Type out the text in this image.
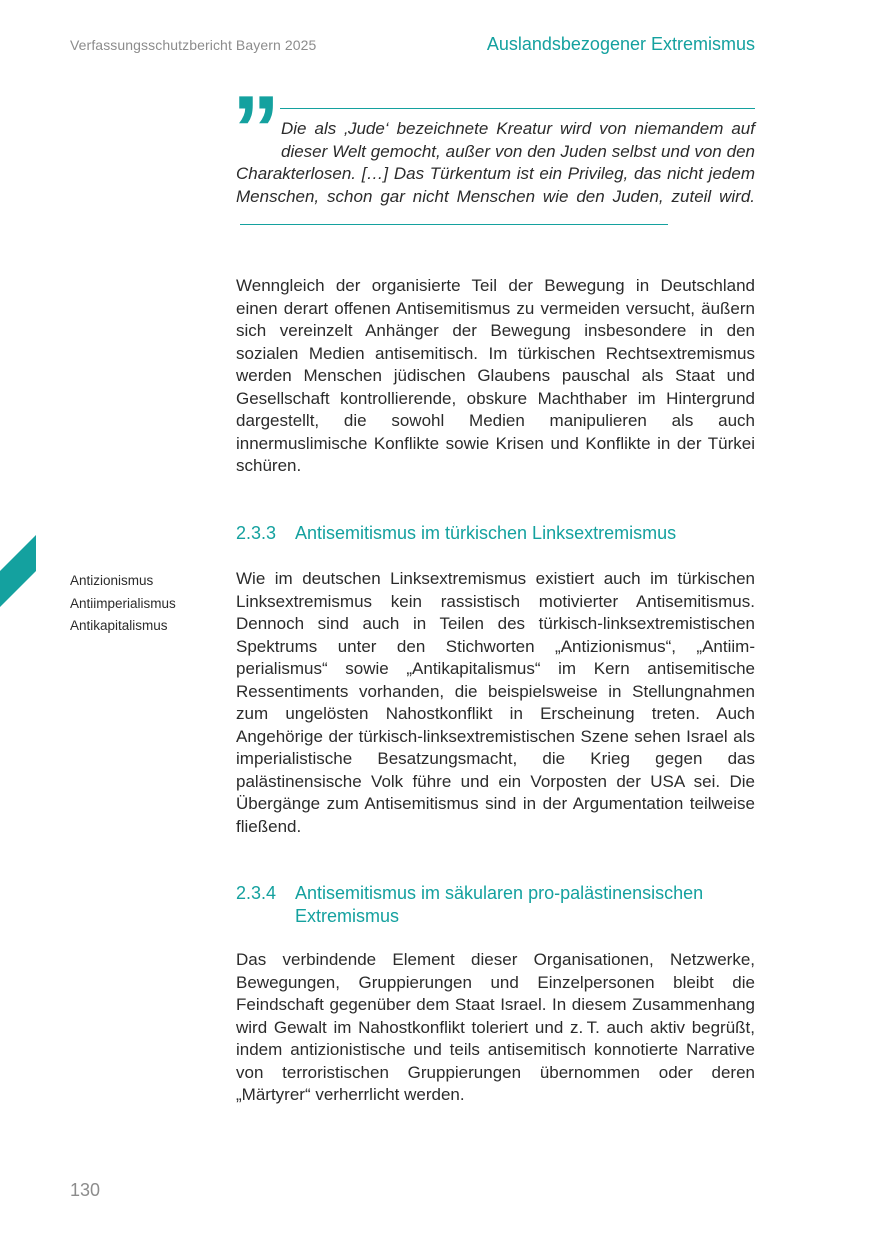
Verfassungsschutzbericht Bayern 2025	Auslandsbezogener Extremismus
” Die als ‚Jude‘ bezeichnete Kreatur wird von niemandem auf dieser Welt gemocht, außer von den Juden selbst und von den Charakterlosen. […] Das Türkentum ist ein Privileg, das nicht jedem Menschen, schon gar nicht Menschen wie den Juden, zuteil wird.
Wenngleich der organisierte Teil der Bewegung in Deutschland einen derart offenen Antisemitismus zu vermeiden versucht, äußern sich vereinzelt Anhänger der Bewegung insbesondere in den sozialen Medien antisemitisch. Im türkischen Rechtsextremismus werden Menschen jüdischen Glaubens pauschal als Staat und Gesellschaft kontrollierende, obskure Machthaber im Hintergrund dargestellt, die sowohl Medien manipulieren als auch innermuslimische Konflikte sowie Krisen und Konflikte in der Türkei schüren.
2.3.3 Antisemitismus im türkischen Linksextremismus
Antizionismus
Antiimperialismus
Antikapitalismus
Wie im deutschen Linksextremismus existiert auch im türkischen Linksextremismus kein rassistisch motivierter Antisemitismus. Dennoch sind auch in Teilen des türkisch-linksextremistischen Spektrums unter den Stichworten „Antizionismus“, „Antiimperialismus“ sowie „Antikapitalismus“ im Kern antisemitische Ressentiments vorhanden, die beispielsweise in Stellungnahmen zum ungelösten Nahostkonflikt in Erscheinung treten. Auch Angehörige der türkisch-linksextremistischen Szene sehen Israel als imperialistische Besatzungsmacht, die Krieg gegen das palästinensische Volk führe und ein Vorposten der USA sei. Die Übergänge zum Antisemitismus sind in der Argumentation teilweise fließend.
2.3.4 Antisemitismus im säkularen pro-palästinensischen
Extremismus
Das verbindende Element dieser Organisationen, Netzwerke, Bewegungen, Gruppierungen und Einzelpersonen bleibt die Feindschaft gegenüber dem Staat Israel. In diesem Zusammenhang wird Gewalt im Nahostkonflikt toleriert und z. T. auch aktiv begrüßt, indem antizionistische und teils antisemitisch konnotierte Narrative von terroristischen Gruppierungen übernommen oder deren „Märtyrer“ verherrlicht werden.
130
